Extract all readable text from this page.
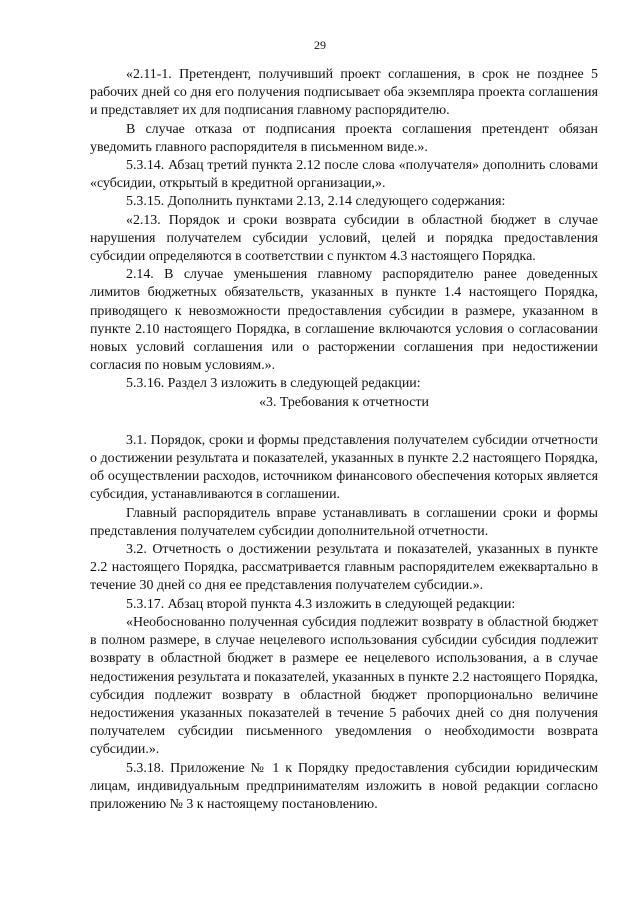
29

«2.11-1. Претендент, получивший проект соглашения, в срок не позднее 5 рабочих дней со дня его получения подписывает оба экземпляра проекта соглашения и представляет их для подписания главному распорядителю.

В случае отказа от подписания проекта соглашения претендент обязан уведомить главного распорядителя в письменном виде.».

5.3.14. Абзац третий пункта 2.12 после слова «получателя» дополнить словами «субсидии, открытый в кредитной организации,».

5.3.15. Дополнить пунктами 2.13, 2.14 следующего содержания:

«2.13. Порядок и сроки возврата субсидии в областной бюджет в случае нарушения получателем субсидии условий, целей и порядка предоставления субсидии определяются в соответствии с пунктом 4.3 настоящего Порядка.

2.14. В случае уменьшения главному распорядителю ранее доведенных лимитов бюджетных обязательств, указанных в пункте 1.4 настоящего Порядка, приводящего к невозможности предоставления субсидии в размере, указанном в пункте 2.10 настоящего Порядка, в соглашение включаются условия о согласовании новых условий соглашения или о расторжении соглашения при недостижении согласия по новым условиям.».

5.3.16. Раздел 3 изложить в следующей редакции:

«3. Требования к отчетности

3.1. Порядок, сроки и формы представления получателем субсидии отчетности о достижении результата и показателей, указанных в пункте 2.2 настоящего Порядка, об осуществлении расходов, источником финансового обеспечения которых является субсидия, устанавливаются в соглашении.

Главный распорядитель вправе устанавливать в соглашении сроки и формы представления получателем субсидии дополнительной отчетности.

3.2. Отчетность о достижении результата и показателей, указанных в пункте 2.2 настоящего Порядка, рассматривается главным распорядителем ежеквартально в течение 30 дней со дня ее представления получателем субсидии.».

5.3.17. Абзац второй пункта 4.3 изложить в следующей редакции:

«Необоснованно полученная субсидия подлежит возврату в областной бюджет в полном размере, в случае нецелевого использования субсидии субсидия подлежит возврату в областной бюджет в размере ее нецелевого использования, а в случае недостижения результата и показателей, указанных в пункте 2.2 настоящего Порядка, субсидия подлежит возврату в областной бюджет пропорционально величине недостижения указанных показателей в течение 5 рабочих дней со дня получения получателем субсидии письменного уведомления о необходимости возврата субсидии.».

5.3.18. Приложение № 1 к Порядку предоставления субсидии юридическим лицам, индивидуальным предпринимателям изложить в новой редакции согласно приложению № 3 к настоящему постановлению.
